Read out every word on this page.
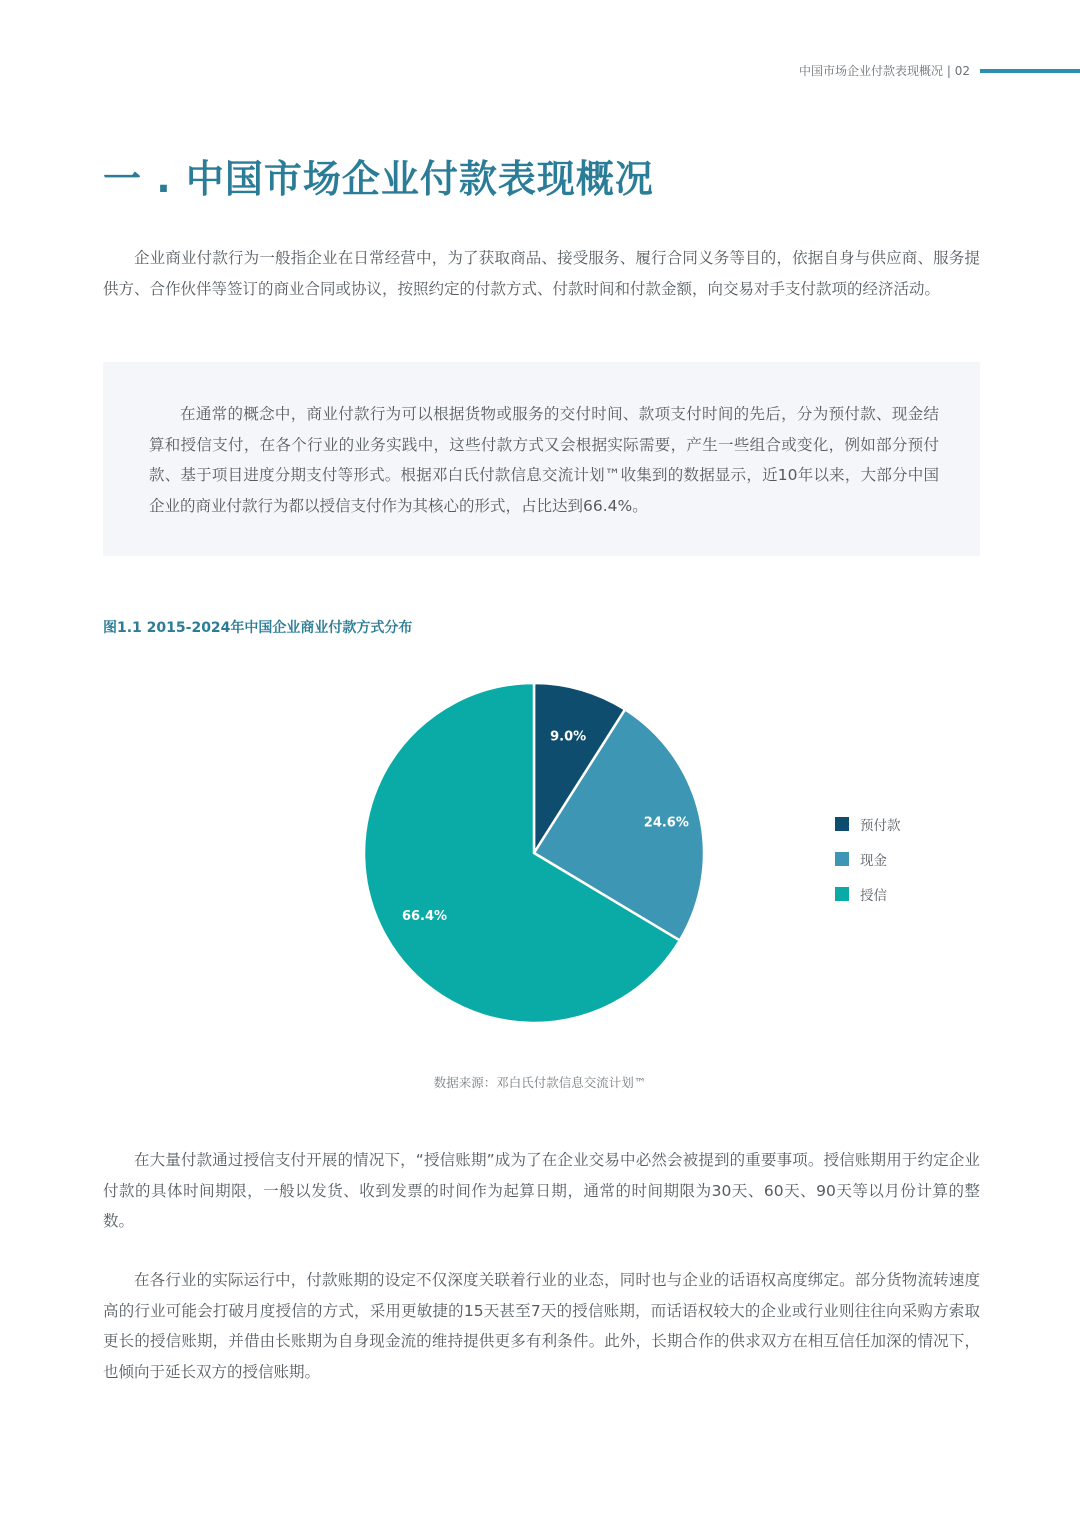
中国市场企业付款表现概况 | 02
一 . 中国市场企业付款表现概况

企业商业付款行为一般指企业在日常经营中，为了获取商品、接受服务、履行合同义务等目的，依据自身与供应商、服务提供方、合作伙伴等签订的商业合同或协议，按照约定的付款方式、付款时间和付款金额，向交易对手支付款项的经济活动。

在通常的概念中，商业付款行为可以根据货物或服务的交付时间、款项支付时间的先后，分为预付款、现金结算和授信支付，在各个行业的业务实践中，这些付款方式又会根据实际需要，产生一些组合或变化，例如部分预付款、基于项目进度分期支付等形式。根据邓白氏付款信息交流计划™收集到的数据显示，近10年以来，大部分中国企业的商业付款行为都以授信支付作为其核心的形式，占比达到66.4%。

图1.1 2015-2024年中国企业商业付款方式分布

9.0%
24.6%
66.4%
预付款
现金
授信

数据来源：邓白氏付款信息交流计划™

在大量付款通过授信支付开展的情况下，“授信账期”成为了在企业交易中必然会被提到的重要事项。授信账期用于约定企业付款的具体时间期限，一般以发货、收到发票的时间作为起算日期，通常的时间期限为30天、60天、90天等以月份计算的整数。

在各行业的实际运行中，付款账期的设定不仅深度关联着行业的业态，同时也与企业的话语权高度绑定。部分货物流转速度高的行业可能会打破月度授信的方式，采用更敏捷的15天甚至7天的授信账期，而话语权较大的企业或行业则往往向采购方索取更长的授信账期，并借由长账期为自身现金流的维持提供更多有利条件。此外，长期合作的供求双方在相互信任加深的情况下，也倾向于延长双方的授信账期。
